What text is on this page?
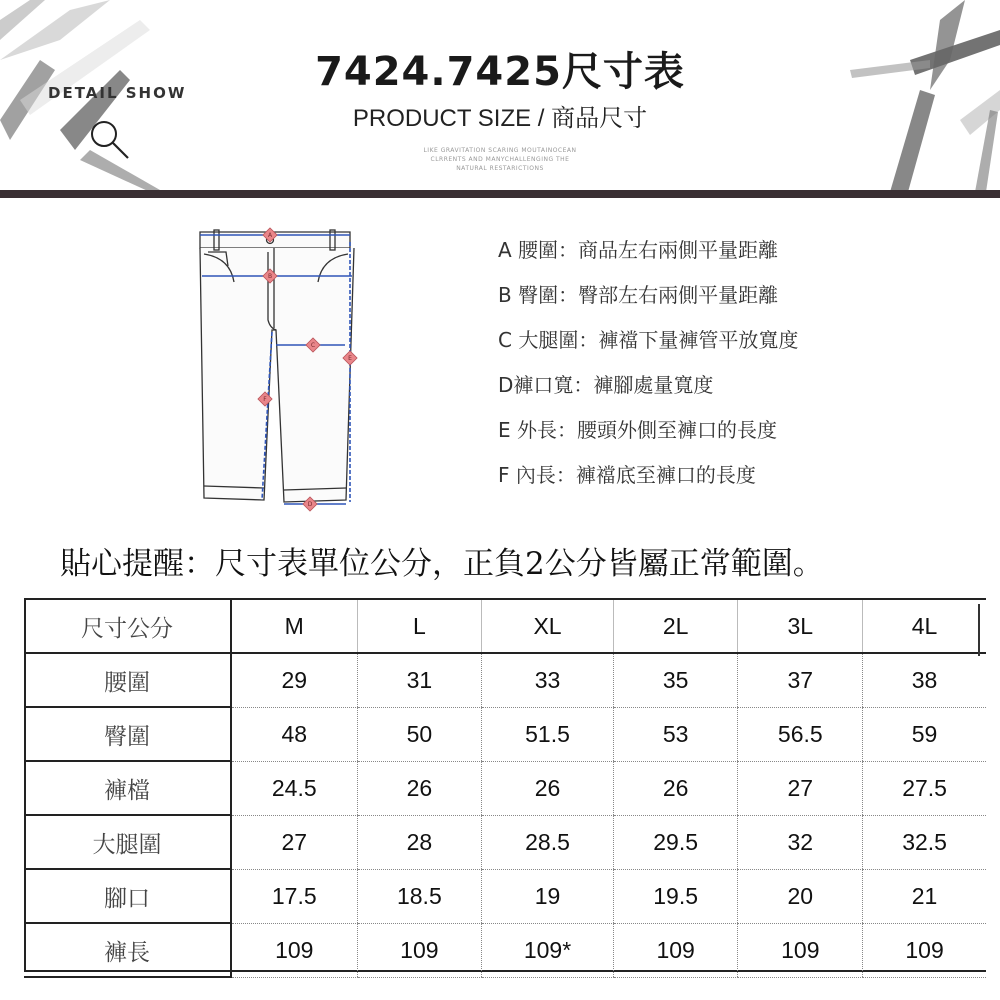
DETAIL SHOW	7424.7425尺寸表
PRODUCT SIZE / 商品尺寸
LIKE GRAVITATION SCARING MOUTAINOCEAN
CLRRENTS AND MANYCHALLENGING THE
NATURAL RESTARICTIONS
A
B
C
D
E
F
A 腰圍：商品左右兩側平量距離
B 臀圍：臀部左右兩側平量距離
C 大腿圍：褲襠下量褲管平放寬度
D褲口寬：褲腳處量寬度
E 外長：腰頭外側至褲口的長度
F 內長：褲襠底至褲口的長度
貼心提醒：尺寸表單位公分，正負2公分皆屬正常範圍。
尺寸公分	M	L	XL	2L	3L	4L
腰圍	29	31	33	35	37	38
臀圍	48	50	51.5	53	56.5	59
褲檔	24.5	26	26	26	27	27.5
大腿圍	27	28	28.5	29.5	32	32.5
腳口	17.5	18.5	19	19.5	20	21
褲長	109	109	109*	109	109	109
